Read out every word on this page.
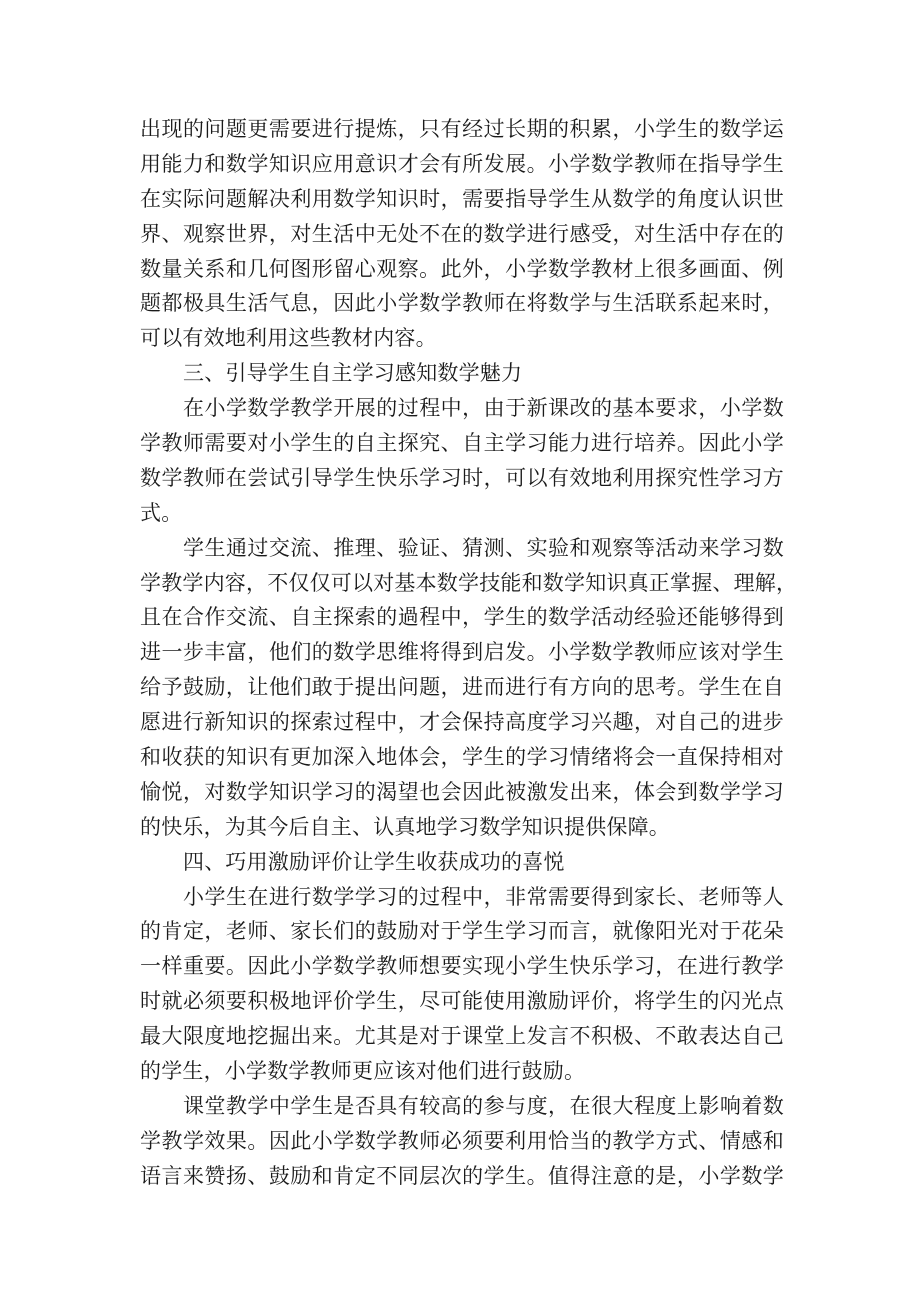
出现的问题更需要进行提炼，只有经过长期的积累，小学生的数学运
用能力和数学知识应用意识才会有所发展。小学数学教师在指导学生
在实际问题解决利用数学知识时，需要指导学生从数学的角度认识世
界、观察世界，对生活中无处不在的数学进行感受，对生活中存在的
数量关系和几何图形留心观察。此外，小学数学教材上很多画面、例
题都极具生活气息，因此小学数学教师在将数学与生活联系起来时，
可以有效地利用这些教材内容。
三、引导学生自主学习感知数学魅力
在小学数学教学开展的过程中，由于新课改的基本要求，小学数
学教师需要对小学生的自主探究、自主学习能力进行培养。因此小学
数学教师在尝试引导学生快乐学习时，可以有效地利用探究性学习方
式。
学生通过交流、推理、验证、猜测、实验和观察等活动来学习数
学教学内容，不仅仅可以对基本数学技能和数学知识真正掌握、理解，
且在合作交流、自主探索的過程中，学生的数学活动经验还能够得到
进一步丰富，他们的数学思维将得到启发。小学数学教师应该对学生
给予鼓励，让他们敢于提出问题，进而进行有方向的思考。学生在自
愿进行新知识的探索过程中，才会保持高度学习兴趣，对自己的进步
和收获的知识有更加深入地体会，学生的学习情绪将会一直保持相对
愉悦，对数学知识学习的渴望也会因此被激发出来，体会到数学学习
的快乐，为其今后自主、认真地学习数学知识提供保障。
四、巧用激励评价让学生收获成功的喜悦
小学生在进行数学学习的过程中，非常需要得到家长、老师等人
的肯定，老师、家长们的鼓励对于学生学习而言，就像阳光对于花朵
一样重要。因此小学数学教师想要实现小学生快乐学习，在进行教学
时就必须要积极地评价学生，尽可能使用激励评价，将学生的闪光点
最大限度地挖掘出来。尤其是对于课堂上发言不积极、不敢表达自己
的学生，小学数学教师更应该对他们进行鼓励。
课堂教学中学生是否具有较高的参与度，在很大程度上影响着数
学教学效果。因此小学数学教师必须要利用恰当的教学方式、情感和
语言来赞扬、鼓励和肯定不同层次的学生。值得注意的是，小学数学
